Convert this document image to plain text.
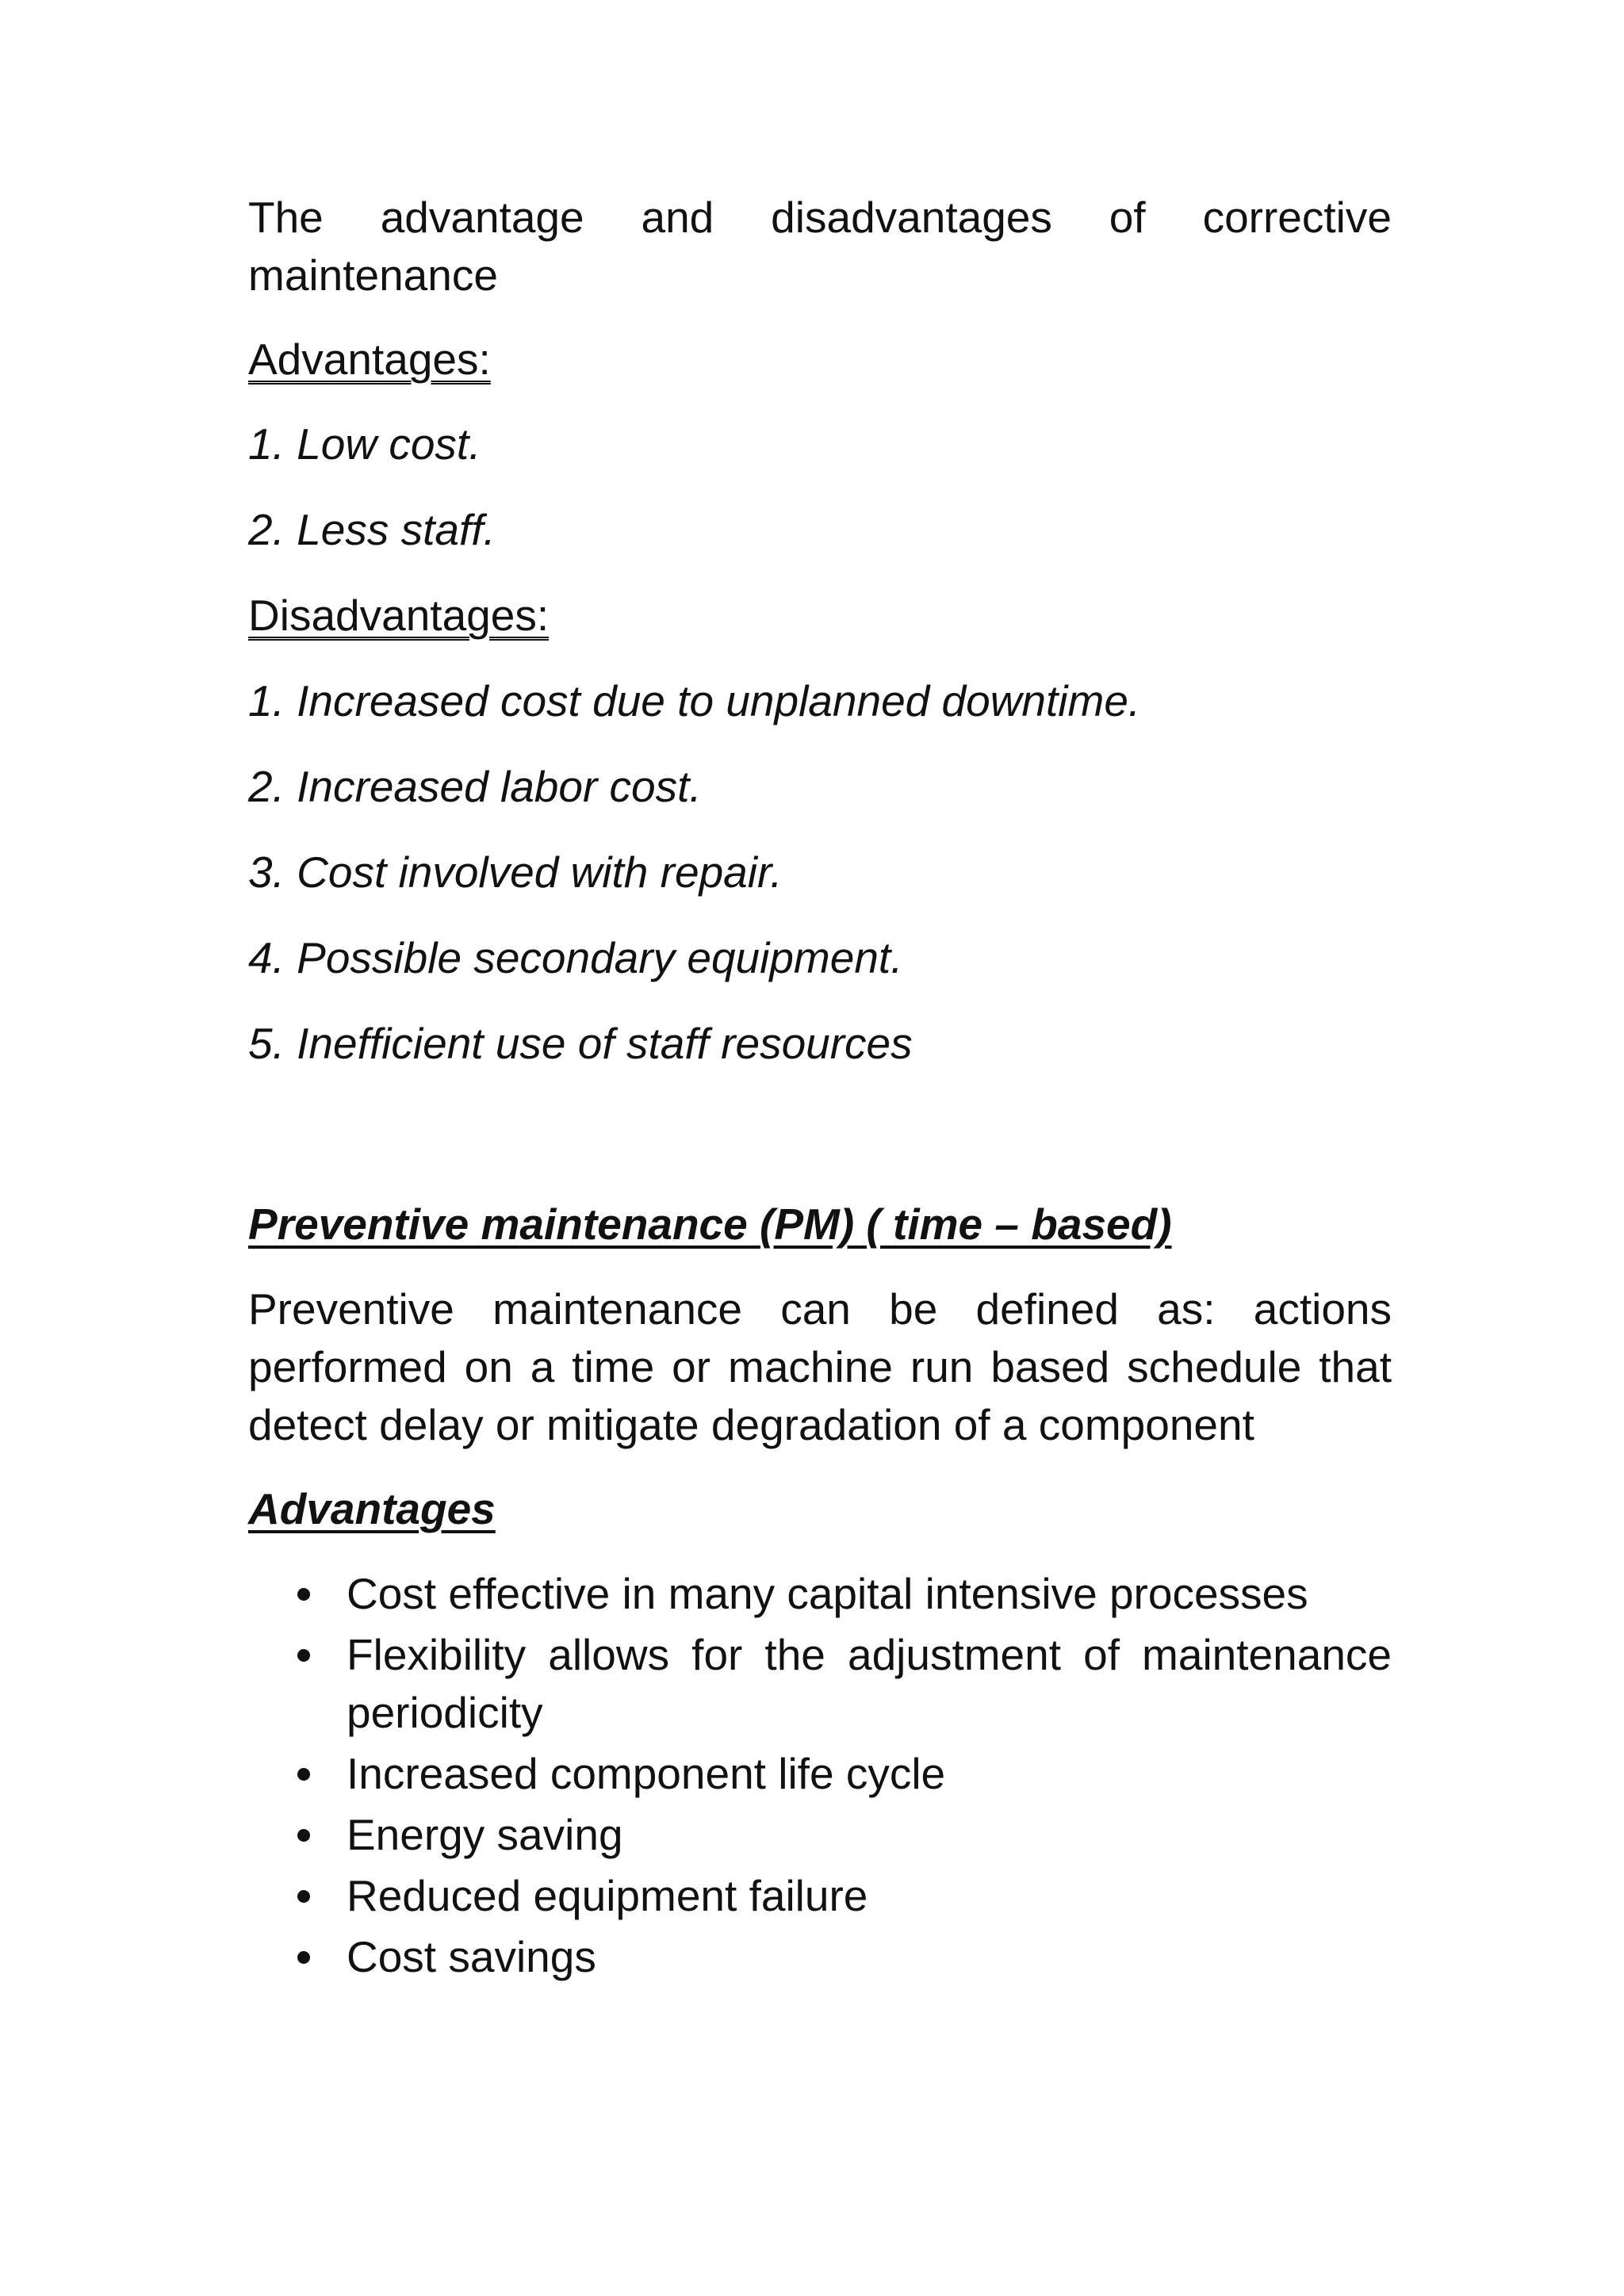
The advantage and disadvantages of corrective maintenance

Advantages:

1. Low cost.

2. Less staff.

Disadvantages:

1. Increased cost due to unplanned downtime.

2. Increased labor cost.

3. Cost involved with repair.

4. Possible secondary equipment.

5. Inefficient use of staff resources

Preventive maintenance (PM) ( time – based)

Preventive maintenance can be defined as: actions performed on a time or machine run based schedule that detect delay or mitigate degradation of a component

Advantages

Cost effective in many capital intensive processes
Flexibility allows for the adjustment of maintenance periodicity
Increased component life cycle
Energy saving
Reduced equipment failure
Cost savings
